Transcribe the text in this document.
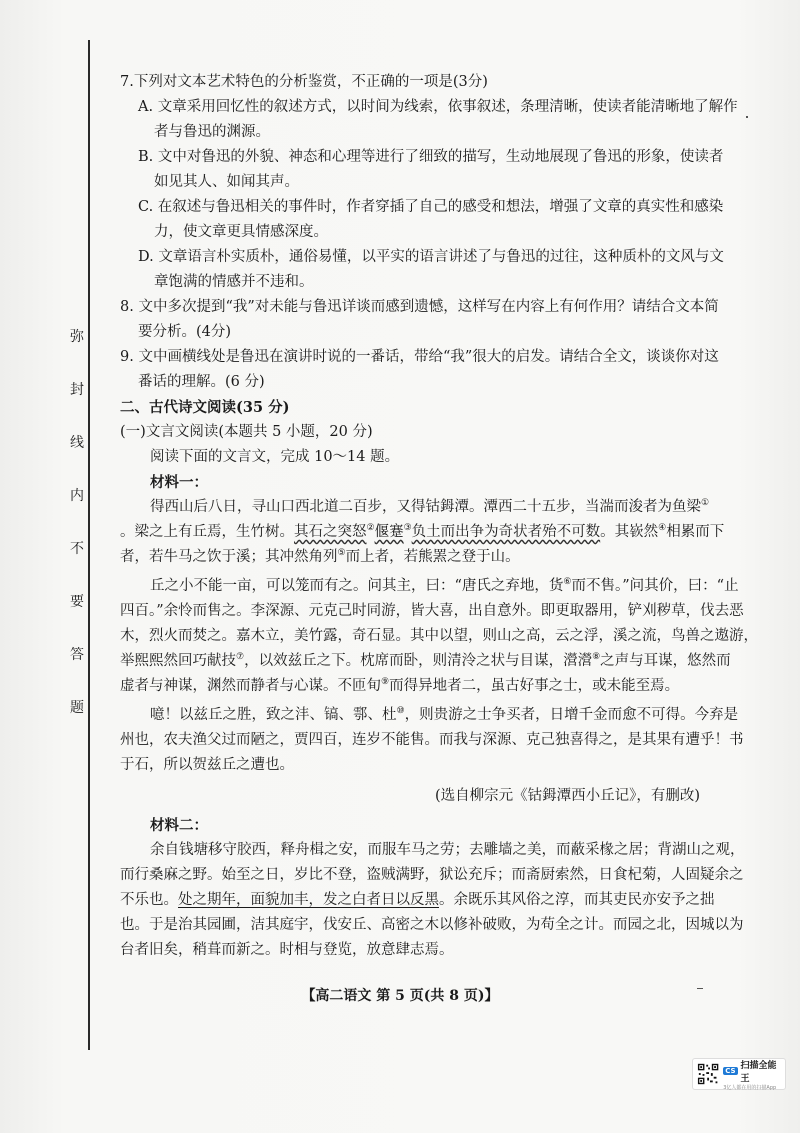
弥
封
线
内
不
要
答
题
7.下列对文本艺术特色的分析鉴赏，不正确的一项是(3分)
A. 文章采用回忆性的叙述方式，以时间为线索，依事叙述，条理清晰，使读者能清晰地了解作
者与鲁迅的渊源。
B. 文中对鲁迅的外貌、神态和心理等进行了细致的描写，生动地展现了鲁迅的形象，使读者
如见其人、如闻其声。
C. 在叙述与鲁迅相关的事件时，作者穿插了自己的感受和想法，增强了文章的真实性和感染
力，使文章更具情感深度。
D. 文章语言朴实质朴，通俗易懂，以平实的语言讲述了与鲁迅的过往，这种质朴的文风与文
章饱满的情感并不违和。
8. 文中多次提到“我”对未能与鲁迅详谈而感到遗憾，这样写在内容上有何作用？请结合文本简
要分析。(4分)
9. 文中画横线处是鲁迅在演讲时说的一番话，带给“我”很大的启发。请结合全文，谈谈你对这
番话的理解。(6 分)
二、古代诗文阅读(35 分)
(一)文言文阅读(本题共 5 小题，20 分)
阅读下面的文言文，完成 10～14 题。
材料一：
得西山后八日，寻山口西北道二百步，又得钴鉧潭。潭西二十五步，当湍而浚者为鱼梁①
。梁之上有丘焉，生竹树。其石之突怒②偃蹇③负土而出争为奇状者殆不可数。其嵚然④相累而下
者，若牛马之饮于溪；其冲然角列⑤而上者，若熊罴之登于山。
丘之小不能一亩，可以笼而有之。问其主，曰：“唐氏之弃地，货⑥而不售。”问其价，曰：“止
四百。”余怜而售之。李深源、元克己时同游，皆大喜，出自意外。即更取器用，铲刈秽草，伐去恶
木，烈火而焚之。嘉木立，美竹露，奇石显。其中以望，则山之高，云之浮，溪之流，鸟兽之遨游，
举熙熙然回巧献技⑦，以效兹丘之下。枕席而卧，则清泠之状与目谋，瀯瀯⑧之声与耳谋，悠然而
虚者与神谋，渊然而静者与心谋。不匝旬⑨而得异地者二，虽古好事之士，或未能至焉。
噫！以兹丘之胜，致之沣、镐、鄠、杜⑩，则贵游之士争买者，日增千金而愈不可得。今弃是
州也，农夫渔父过而陋之，贾四百，连岁不能售。而我与深源、克己独喜得之，是其果有遭乎！书
于石，所以贺兹丘之遭也。
(选自柳宗元《钴鉧潭西小丘记》，有删改)
材料二：
余自钱塘移守胶西，释舟楫之安，而服车马之劳；去雕墙之美，而蔽采椽之居；背湖山之观，
而行桑麻之野。始至之日，岁比不登，盗贼满野，狱讼充斥；而斋厨索然，日食杞菊，人固疑余之
不乐也。处之期年，面貌加丰，发之白者日以反黑。余既乐其风俗之淳，而其吏民亦安予之拙
也。于是治其园圃，洁其庭宇，伐安丘、高密之木以修补破败，为苟全之计。而园之北，因城以为
台者旧矣，稍葺而新之。时相与登览，放意肆志焉。
【高二语文 第 5 页(共 8 页)】
CS 扫描全能王
3亿人都在用的扫描App
